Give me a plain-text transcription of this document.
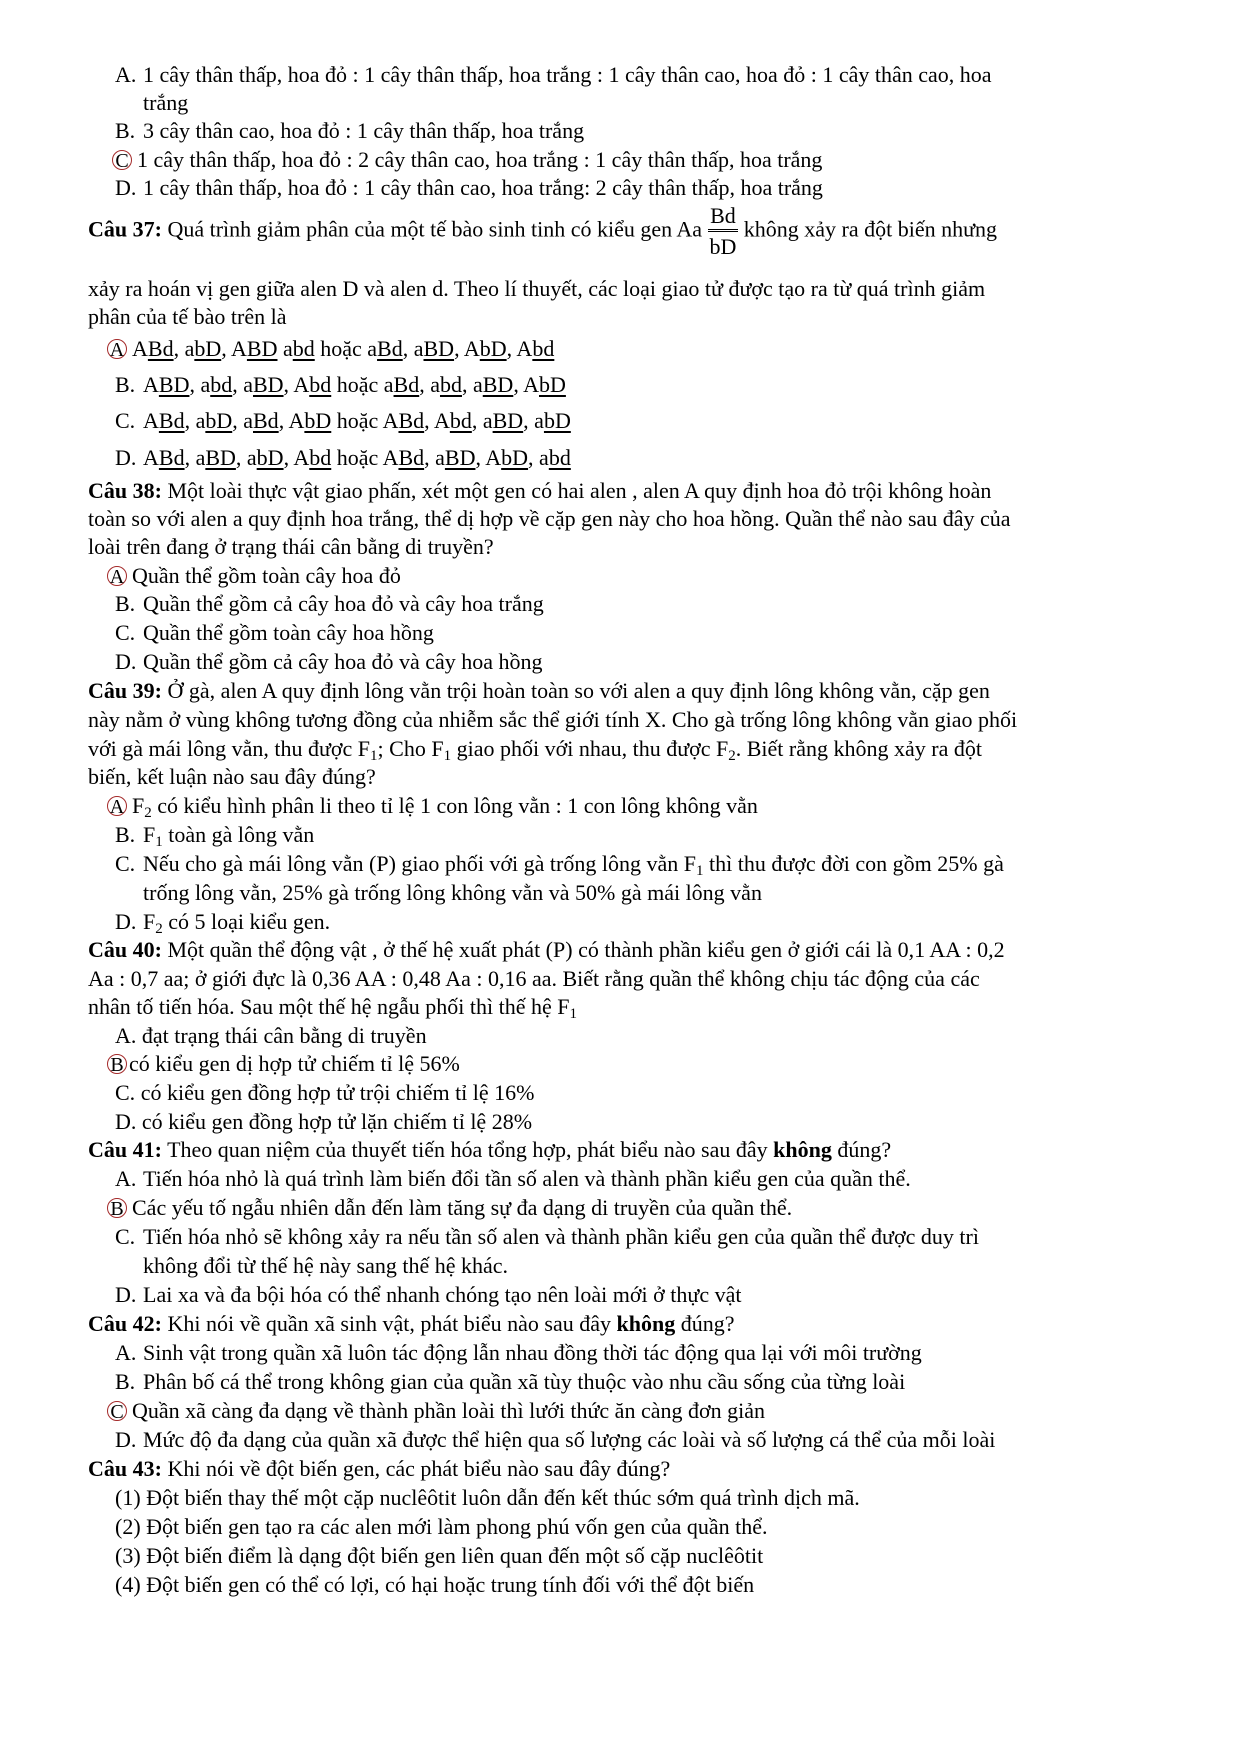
A. 1 cây thân thấp, hoa đỏ : 1 cây thân thấp, hoa trắng : 1 cây thân cao, hoa đỏ : 1 cây thân cao, hoa
trắng
B. 3 cây thân cao, hoa đỏ : 1 cây thân thấp, hoa trắng
C 1 cây thân thấp, hoa đỏ : 2 cây thân cao, hoa trắng : 1 cây thân thấp, hoa trắng
D. 1 cây thân thấp, hoa đỏ : 1 cây thân cao, hoa trắng: 2 cây thân thấp, hoa trắng
Câu 37: Quá trình giảm phân của một tế bào sinh tinh có kiểu gen Aa $\frac{Bd}{bD}$ không xảy ra đột biến nhưng
xảy ra hoán vị gen giữa alen D và alen d. Theo lí thuyết, các loại giao tử được tạo ra từ quá trình giảm
phân của tế bào trên là
A ABd, abD, ABD abd hoặc aBd, aBD, AbD, Abd
B. ABD, abd, aBD, Abd hoặc aBd, abd, aBD, AbD
C. ABd, abD, aBd, AbD hoặc ABd, Abd, aBD, abD
D. ABd, aBD, abD, Abd hoặc ABd, aBD, AbD, abd
Câu 38: Một loài thực vật giao phấn, xét một gen có hai alen , alen A quy định hoa đỏ trội không hoàn
toàn so với alen a quy định hoa trắng, thể dị hợp về cặp gen này cho hoa hồng. Quần thể nào sau đây của
loài trên đang ở trạng thái cân bằng di truyền?
A Quần thể gồm toàn cây hoa đỏ
B. Quần thể gồm cả cây hoa đỏ và cây hoa trắng
C. Quần thể gồm toàn cây hoa hồng
D. Quần thể gồm cả cây hoa đỏ và cây hoa hồng
Câu 39: Ở gà, alen A quy định lông vằn trội hoàn toàn so với alen a quy định lông không vằn, cặp gen
này nằm ở vùng không tương đồng của nhiễm sắc thể giới tính X. Cho gà trống lông không vằn giao phối
với gà mái lông vằn, thu được $F_1$; Cho $F_1$ giao phối với nhau, thu được $F_2$. Biết rằng không xảy ra đột
biến, kết luận nào sau đây đúng?
A $F_2$ có kiểu hình phân li theo tỉ lệ 1 con lông vằn : 1 con lông không vằn
B. $F_1$ toàn gà lông vằn
C. Nếu cho gà mái lông vằn (P) giao phối với gà trống lông vằn $F_1$ thì thu được đời con gồm 25% gà
trống lông vằn, 25% gà trống lông không vằn và 50% gà mái lông vằn
D. $F_2$ có 5 loại kiểu gen.
Câu 40: Một quần thể động vật , ở thế hệ xuất phát (P) có thành phần kiểu gen ở giới cái là 0,1 AA : 0,2
Aa : 0,7 aa; ở giới đực là 0,36 AA : 0,48 Aa : 0,16 aa. Biết rằng quần thể không chịu tác động của các
nhân tố tiến hóa. Sau một thế hệ ngẫu phối thì thế hệ $F_1$
A. đạt trạng thái cân bằng di truyền
B có kiểu gen dị hợp tử chiếm tỉ lệ 56%
C. có kiểu gen đồng hợp tử trội chiếm tỉ lệ 16%
D. có kiểu gen đồng hợp tử lặn chiếm tỉ lệ 28%
Câu 41: Theo quan niệm của thuyết tiến hóa tổng hợp, phát biểu nào sau đây không đúng?
A. Tiến hóa nhỏ là quá trình làm biến đổi tần số alen và thành phần kiểu gen của quần thể.
B Các yếu tố ngẫu nhiên dẫn đến làm tăng sự đa dạng di truyền của quần thể.
C. Tiến hóa nhỏ sẽ không xảy ra nếu tần số alen và thành phần kiểu gen của quần thể được duy trì
không đổi từ thế hệ này sang thế hệ khác.
D. Lai xa và đa bội hóa có thể nhanh chóng tạo nên loài mới ở thực vật
Câu 42: Khi nói về quần xã sinh vật, phát biểu nào sau đây không đúng?
A. Sinh vật trong quần xã luôn tác động lẫn nhau đồng thời tác động qua lại với môi trường
B. Phân bố cá thể trong không gian của quần xã tùy thuộc vào nhu cầu sống của từng loài
C Quần xã càng đa dạng về thành phần loài thì lưới thức ăn càng đơn giản
D. Mức độ đa dạng của quần xã được thể hiện qua số lượng các loài và số lượng cá thể của mỗi loài
Câu 43: Khi nói về đột biến gen, các phát biểu nào sau đây đúng?
(1) Đột biến thay thế một cặp nuclêôtit luôn dẫn đến kết thúc sớm quá trình dịch mã.
(2) Đột biến gen tạo ra các alen mới làm phong phú vốn gen của quần thể.
(3) Đột biến điểm là dạng đột biến gen liên quan đến một số cặp nuclêôtit
(4) Đột biến gen có thể có lợi, có hại hoặc trung tính đối với thể đột biến
